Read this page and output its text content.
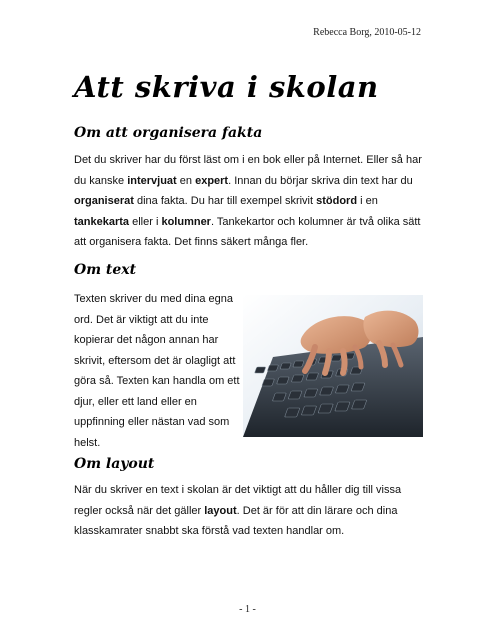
Rebecca Borg, 2010-05-12
Att skriva i skolan
Om att organisera fakta

Det du skriver har du först läst om i en bok eller på Internet. Eller så har du kanske intervjuat en expert. Innan du börjar skriva din text har du organiserat dina fakta. Du har till exempel skrivit stödord i en tankekarta eller i kolumner. Tankekartor och kolumner är två olika sätt att organisera fakta. Det finns säkert många fler.

Om text

Texten skriver du med dina egna ord. Det är viktigt att du inte kopierar det någon annan har skrivit, eftersom det är olagligt att göra så. Texten kan handla om ett djur, eller ett land eller en uppfinning eller nästan vad som helst.

Om layout

När du skriver en text i skolan är det viktigt att du håller dig till vissa regler också när det gäller layout. Det är för att din lärare och dina klasskamrater snabbt ska förstå vad texten handlar om.

- 1 -
